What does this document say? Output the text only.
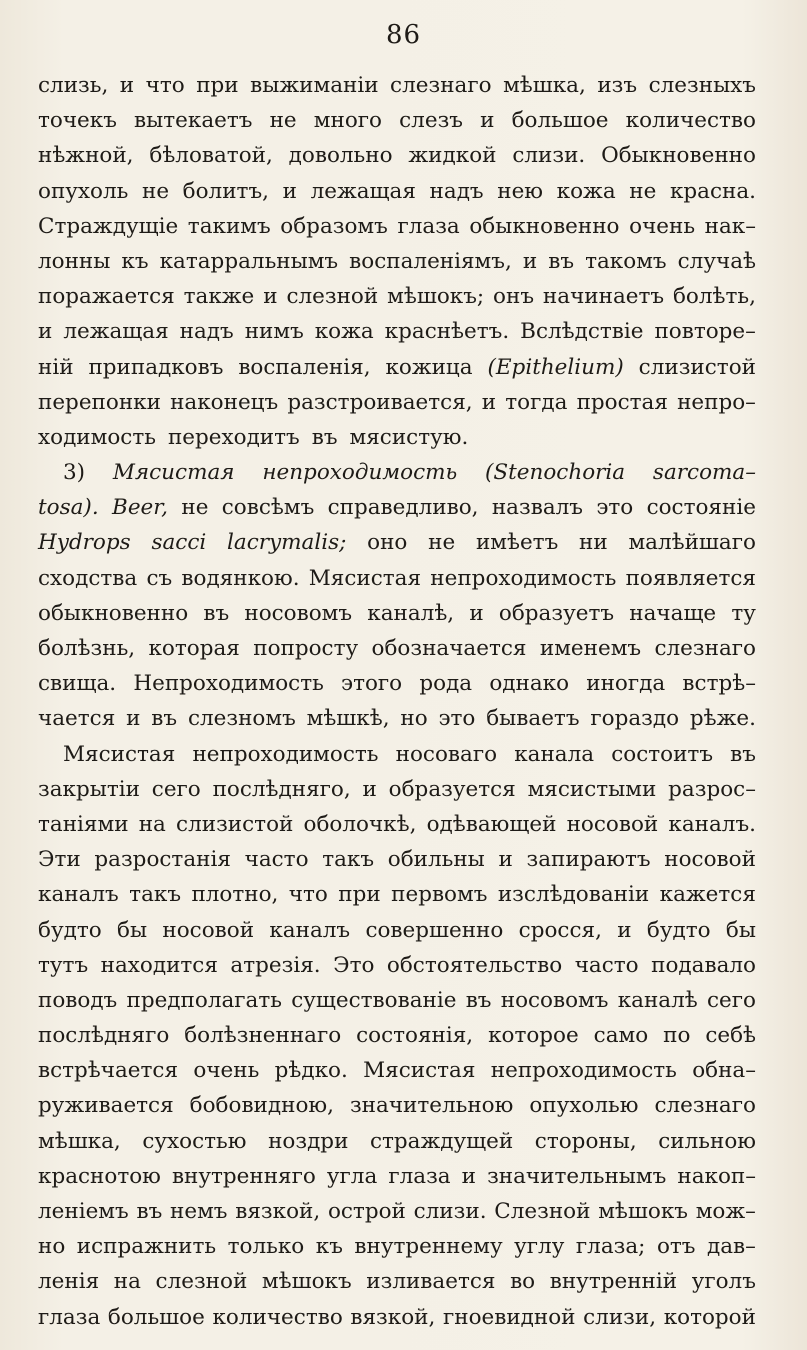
86
слизь, и что при выжиманіи слезнаго мѣшка, изъ слезныхъ
точекъ вытекаетъ не много слезъ и большое количество
нѣжной, бѣловатой, довольно жидкой слизи. Обыкновенно
опухоль не болитъ, и лежащая надъ нею кожа не красна.
Страждущіе такимъ образомъ глаза обыкновенно очень нак–
лонны къ катарральнымъ воспаленіямъ, и въ такомъ случаѣ
поражается также и слезной мѣшокъ; онъ начинаетъ болѣть,
и лежащая надъ нимъ кожа краснѣетъ. Вслѣдствіе повторе–
ній припадковъ воспаленія, кожица (Epithelium) слизистой
перепонки наконецъ разстроивается, и тогда простая непро–
ходимость переходитъ въ мясистую.
3) Мясистая непроходимость (Stenochoria sarcoma–
tosa). Beer, не совсѣмъ справедливо, назвалъ это состояніе
Hydrops sacci lacrymalis; оно не имѣетъ ни малѣйшаго
сходства съ водянкою. Мясистая непроходимость появляется
обыкновенно въ носовомъ каналѣ, и образуетъ начаще ту
болѣзнь, которая попросту обозначается именемъ слезнаго
свища. Непроходимость этого рода однако иногда встрѣ–
чается и въ слезномъ мѣшкѣ, но это бываетъ гораздо рѣже.
Мясистая непроходимость носоваго канала состоитъ въ
закрытіи сего послѣдняго, и образуется мясистыми разрос–
таніями на слизистой оболочкѣ, одѣвающей носовой каналъ.
Эти разростанія часто такъ обильны и запираютъ носовой
каналъ такъ плотно, что при первомъ изслѣдованіи кажется
будто бы носовой каналъ совершенно сросся, и будто бы
тутъ находится атрезія. Это обстоятельство часто подавало
поводъ предполагать существованіе въ носовомъ каналѣ сего
послѣдняго болѣзненнаго состоянія, которое само по себѣ
встрѣчается очень рѣдко. Мясистая непроходимость обна–
руживается бобовидною, значительною опухолью слезнаго
мѣшка, сухостью ноздри страждущей стороны, сильною
краснотою внутренняго угла глаза и значительнымъ накоп–
леніемъ въ немъ вязкой, острой слизи. Слезной мѣшокъ мож–
но испражнить только къ внутреннему углу глаза; отъ дав–
ленія на слезной мѣшокъ изливается во внутренній уголъ
глаза большое количество вязкой, гноевидной слизи, которой
